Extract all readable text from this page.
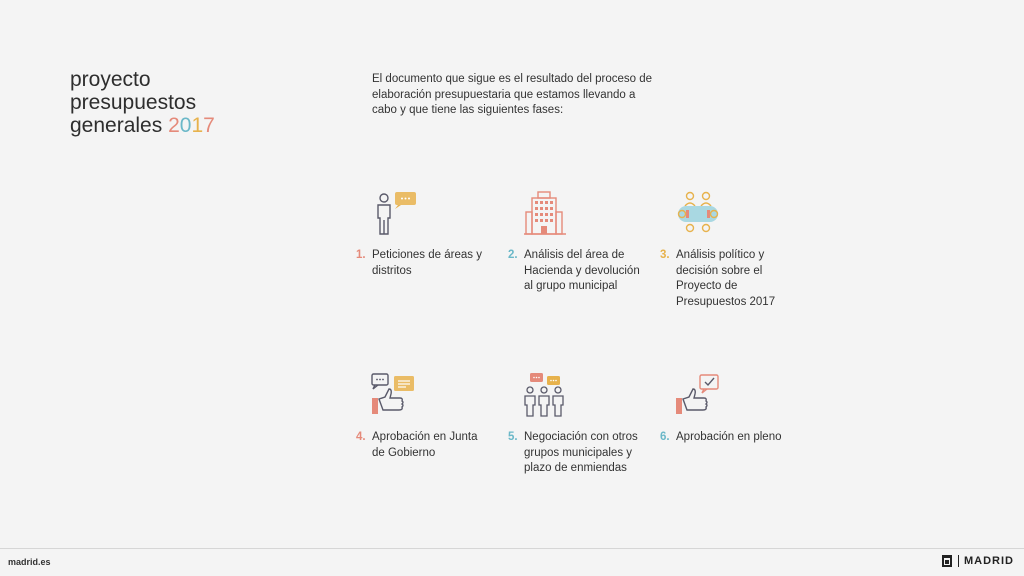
proyecto
presupuestos
generales 2017
El documento que sigue es el resultado del proceso de elaboración presupuestaria que estamos llevando a cabo y que tiene las siguientes fases:
1. Peticiones de áreas y distritos
2. Análisis del área de Hacienda y devolución al grupo municipal
3. Análisis político y decisión sobre el Proyecto de Presupuestos 2017
4. Aprobación en Junta de Gobierno
5. Negociación con otros grupos municipales y plazo de enmiendas
6. Aprobación en pleno
madrid.es	MADRID
